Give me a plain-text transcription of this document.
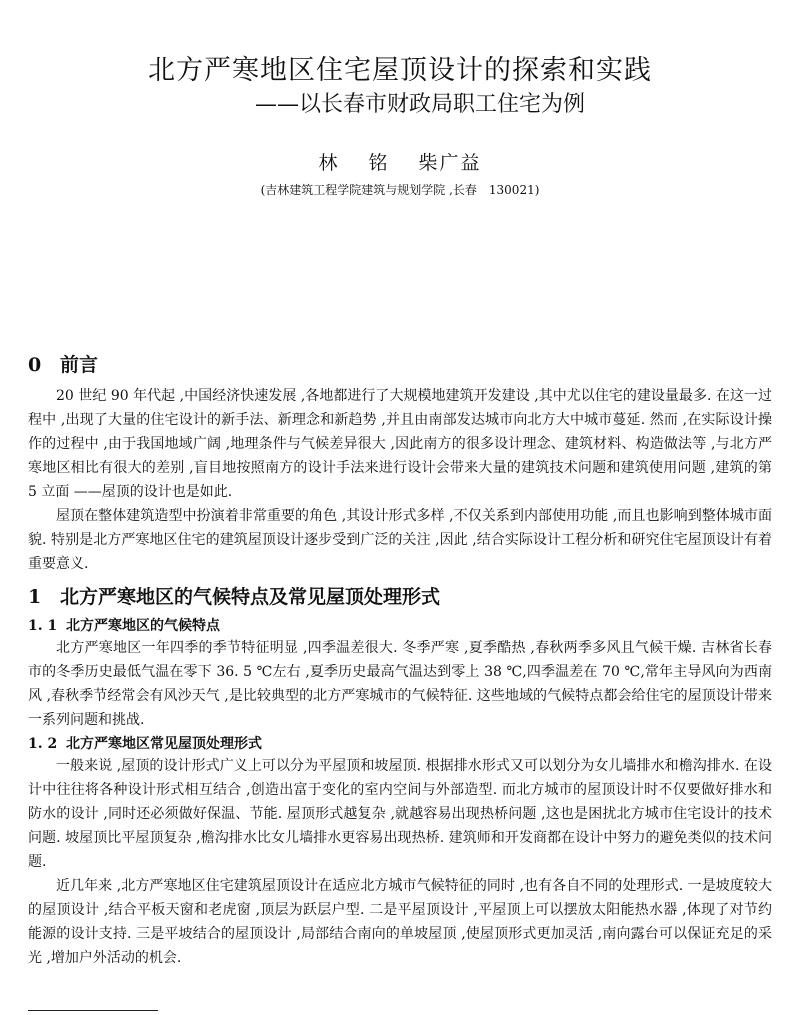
北方严寒地区住宅屋顶设计的探索和实践
——以长春市财政局职工住宅为例
林　 铭　 柴广益
(吉林建筑工程学院建筑与规划学院 ,长春　130021)
0 前言

20 世纪 90 年代起 ,中国经济快速发展 ,各地都进行了大规模地建筑开发建设 ,其中尤以住宅的建设量最多. 在这一过程中 ,出现了大量的住宅设计的新手法、新理念和新趋势 ,并且由南部发达城市向北方大中城市蔓延. 然而 ,在实际设计操作的过程中 ,由于我国地域广阔 ,地理条件与气候差异很大 ,因此南方的很多设计理念、建筑材料、构造做法等 ,与北方严寒地区相比有很大的差别 ,盲目地按照南方的设计手法来进行设计会带来大量的建筑技术问题和建筑使用问题 ,建筑的第 5 立面 ——屋顶的设计也是如此.

屋顶在整体建筑造型中扮演着非常重要的角色 ,其设计形式多样 ,不仅关系到内部使用功能 ,而且也影响到整体城市面貌. 特别是北方严寒地区住宅的建筑屋顶设计逐步受到广泛的关注 ,因此 ,结合实际设计工程分析和研究住宅屋顶设计有着重要意义.

1 北方严寒地区的气候特点及常见屋顶处理形式
1. 1 北方严寒地区的气候特点

北方严寒地区一年四季的季节特征明显 ,四季温差很大. 冬季严寒 ,夏季酷热 ,春秋两季多风且气候干燥. 吉林省长春市的冬季历史最低气温在零下 36. 5 ℃左右 ,夏季历史最高气温达到零上 38 ℃,四季温差在 70 ℃,常年主导风向为西南风 ,春秋季节经常会有风沙天气 ,是比较典型的北方严寒城市的气候特征. 这些地域的气候特点都会给住宅的屋顶设计带来一系列问题和挑战.

1. 2 北方严寒地区常见屋顶处理形式

一般来说 ,屋顶的设计形式广义上可以分为平屋顶和坡屋顶. 根据排水形式又可以划分为女儿墙排水和檐沟排水. 在设计中往往将各种设计形式相互结合 ,创造出富于变化的室内空间与外部造型. 而北方城市的屋顶设计时不仅要做好排水和防水的设计 ,同时还必须做好保温、节能. 屋顶形式越复杂 ,就越容易出现热桥问题 ,这也是困扰北方城市住宅设计的技术问题. 坡屋顶比平屋顶复杂 ,檐沟排水比女儿墙排水更容易出现热桥. 建筑师和开发商都在设计中努力的避免类似的技术问题.

近几年来 ,北方严寒地区住宅建筑屋顶设计在适应北方城市气候特征的同时 ,也有各自不同的处理形式. 一是坡度较大的屋顶设计 ,结合平板天窗和老虎窗 ,顶层为跃层户型. 二是平屋顶设计 ,平屋顶上可以摆放太阳能热水器 ,体现了对节约能源的设计支持. 三是平坡结合的屋顶设计 ,局部结合南向的单坡屋顶 ,使屋顶形式更加灵活 ,南向露台可以保证充足的采光 ,增加户外活动的机会.
